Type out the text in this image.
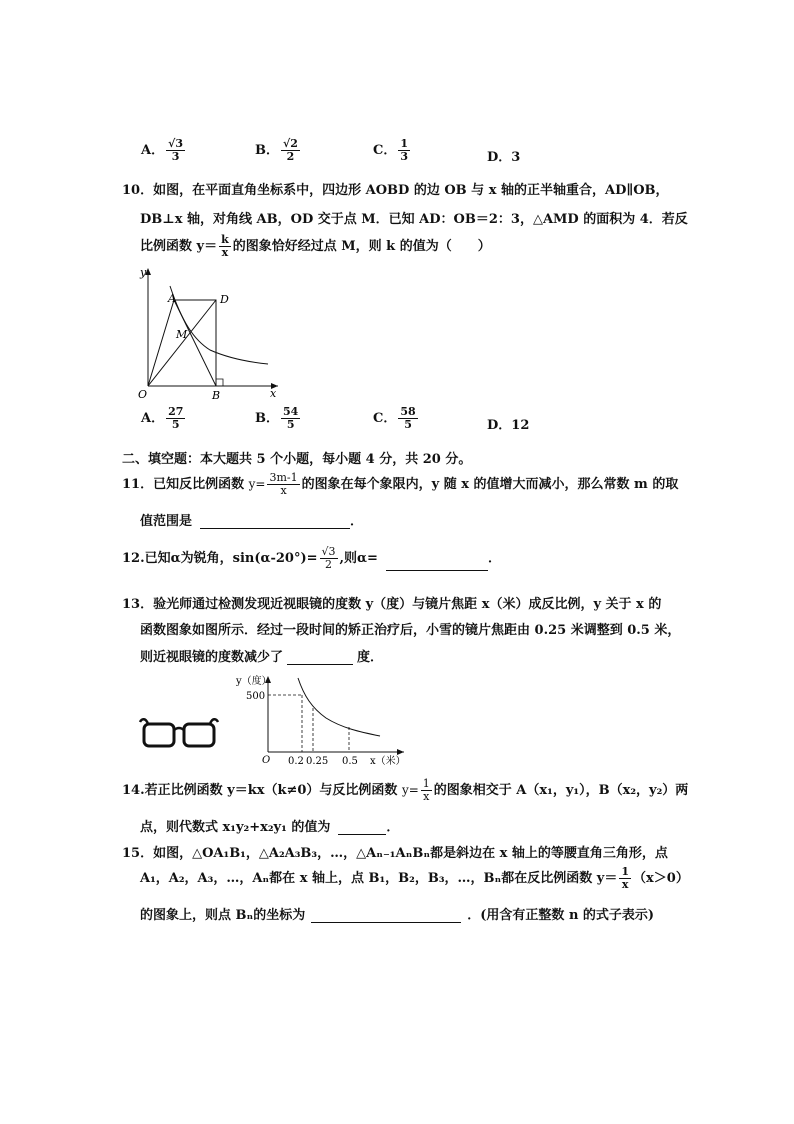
A． $\frac{√3}{3}$	B． $\frac{√2}{2}$	C． $\frac{1}{3}$	D．3
10．如图，在平面直角坐标系中，四边形 AOBD 的边 OB 与 x 轴的正半轴重合，AD∥OB，
DB⊥x 轴，对角线 AB，OD 交于点 M．已知 AD：OB＝2：3，△AMD 的面积为 4．若反
比例函数 $y= \frac{k}{x}$ 的图象恰好经过点 M，则 k 的值为（　　）
y
x
A	D
M
O	B
A． $\frac{27}{5}$	B． $\frac{54}{5}$	C． $\frac{58}{5}$	D．12
二、填空题：本大题共 5 个小题，每小题 4 分，共 20 分。
11．已知反比例函数 $y= \frac{3m-1}{x}$ 的图象在每个象限内，y 随 x 的值增大而减小，那么常数 m 的取
值范围是	．
12.已知α为锐角，$\sin(\alpha-20^\circ)= \frac{√3}{2}$ ,则α=	．
13．验光师通过检测发现近视眼镜的度数 y（度）与镜片焦距 x（米）成反比例，y 关于 x 的
函数图象如图所示．经过一段时间的矫正治疗后，小雪的镜片焦距由 0.25 米调整到 0.5 米，
则近视眼镜的度数减少了	度．
y（度）
x（米）
500
O 0.2 0.25 0.5
14.若正比例函数 y＝kx（k≠0）与反比例函数 $y= \frac{1}{x}$ 的图象相交于 A（x₁，y₁），B（x₂，y₂）两
点，则代数式 x₁y₂+x₂y₁ 的值为	．
15．如图，△OA₁B₁，△A₂A₃B₃，…，△Aₙ₋₁AₙBₙ都是斜边在 x 轴上的等腰直角三角形，点
A₁，A₂，A₃，…，Aₙ都在 x 轴上，点 B₁，B₂，B₃，…，Bₙ都在反比例函数 $y= \frac{1}{x} (x>0)$
的图象上，则点 Bₙ的坐标为	．(用含有正整数 n 的式子表示)
